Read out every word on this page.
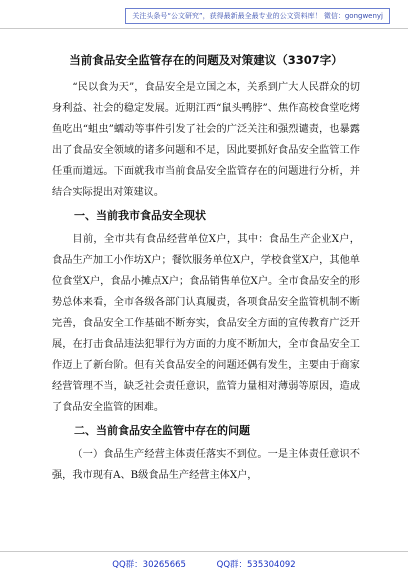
关注头条号“公文研究”，获得最新最全最专业的公文资料库！ 微信：gongwenyj
当前食品安全监管存在的问题及对策建议（3307字）

“民以食为天”，食品安全是立国之本，关系到广大人民群众的切身利益、社会的稳定发展。近期江西“鼠头鸭脖”、焦作高校食堂吃烤鱼吃出“蛆虫”蠕动等事件引发了社会的广泛关注和强烈谴责，也暴露出了食品安全领域的诸多问题和不足，因此要抓好食品安全监管工作任重而道远。下面就我市当前食品安全监管存在的问题进行分析，并结合实际提出对策建议。

一、当前我市食品安全现状

目前，全市共有食品经营单位X户，其中：食品生产企业X户，食品生产加工小作坊X户；餐饮服务单位X户，学校食堂X户，其他单位食堂X户，食品小摊点X户；食品销售单位X户。全市食品安全的形势总体来看，全市各级各部门认真履责，各项食品安全监管机制不断完善，食品安全工作基础不断夯实，食品安全方面的宣传教育广泛开展，在打击食品违法犯罪行为方面的力度不断加大，全市食品安全工作迈上了新台阶。但有关食品安全的问题还偶有发生，主要由于商家经营管理不当，缺乏社会责任意识，监管力量相对薄弱等原因，造成了食品安全监管的困难。

二、当前食品安全监管中存在的问题

（一）食品生产经营主体责任落实不到位。一是主体责任意识不强，我市现有A、B级食品生产经营主体X户，

QQ群：30265665	QQ群：535304092
